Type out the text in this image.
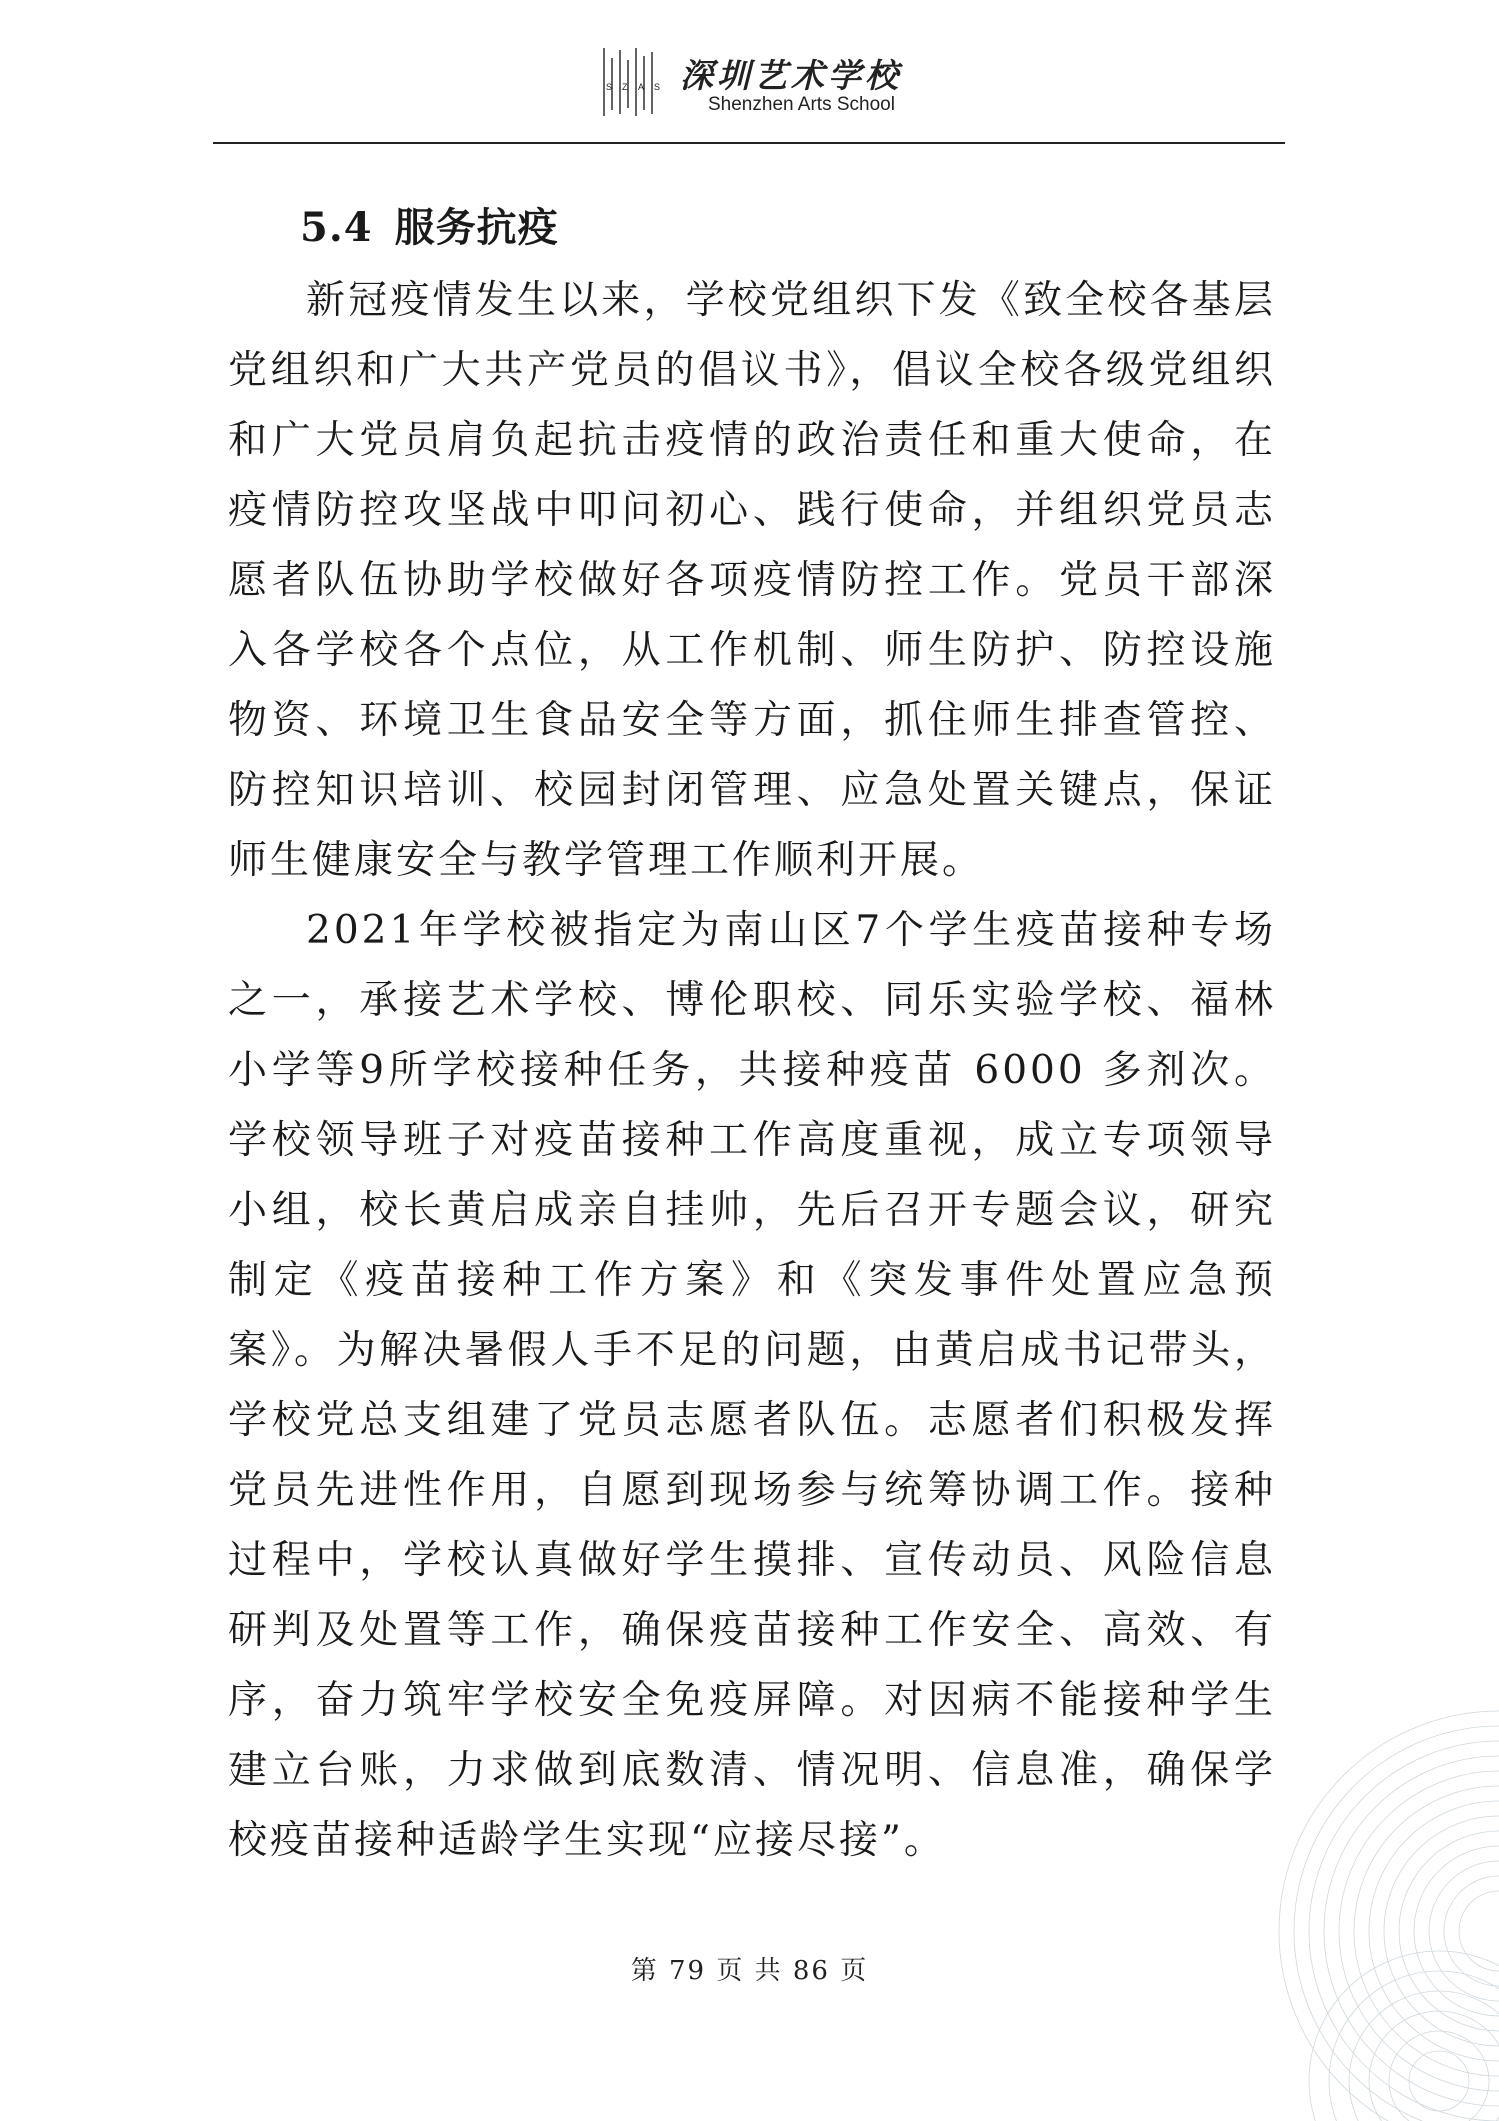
S Z A S 深圳艺术学校
Shenzhen Arts School
5.4 服务抗疫

新冠疫情发生以来，学校党组织下发《致全校各基层党组织和广大共产党员的倡议书》，倡议全校各级党组织和广大党员肩负起抗击疫情的政治责任和重大使命，在疫情防控攻坚战中叩问初心、践行使命，并组织党员志愿者队伍协助学校做好各项疫情防控工作。党员干部深入各学校各个点位，从工作机制、师生防护、防控设施物资、环境卫生食品安全等方面，抓住师生排查管控、防控知识培训、校园封闭管理、应急处置关键点，保证师生健康安全与教学管理工作顺利开展。

2021年学校被指定为南山区7个学生疫苗接种专场之一，承接艺术学校、博伦职校、同乐实验学校、福林小学等9所学校接种任务，共接种疫苗 6000 多剂次。学校领导班子对疫苗接种工作高度重视，成立专项领导小组，校长黄启成亲自挂帅，先后召开专题会议，研究制定《疫苗接种工作方案》和《突发事件处置应急预案》。为解决暑假人手不足的问题，由黄启成书记带头，学校党总支组建了党员志愿者队伍。志愿者们积极发挥党员先进性作用，自愿到现场参与统筹协调工作。接种过程中，学校认真做好学生摸排、宣传动员、风险信息研判及处置等工作，确保疫苗接种工作安全、高效、有序，奋力筑牢学校安全免疫屏障。对因病不能接种学生建立台账，力求做到底数清、情况明、信息准，确保学校疫苗接种适龄学生实现“应接尽接”。

第 79 页 共 86 页
